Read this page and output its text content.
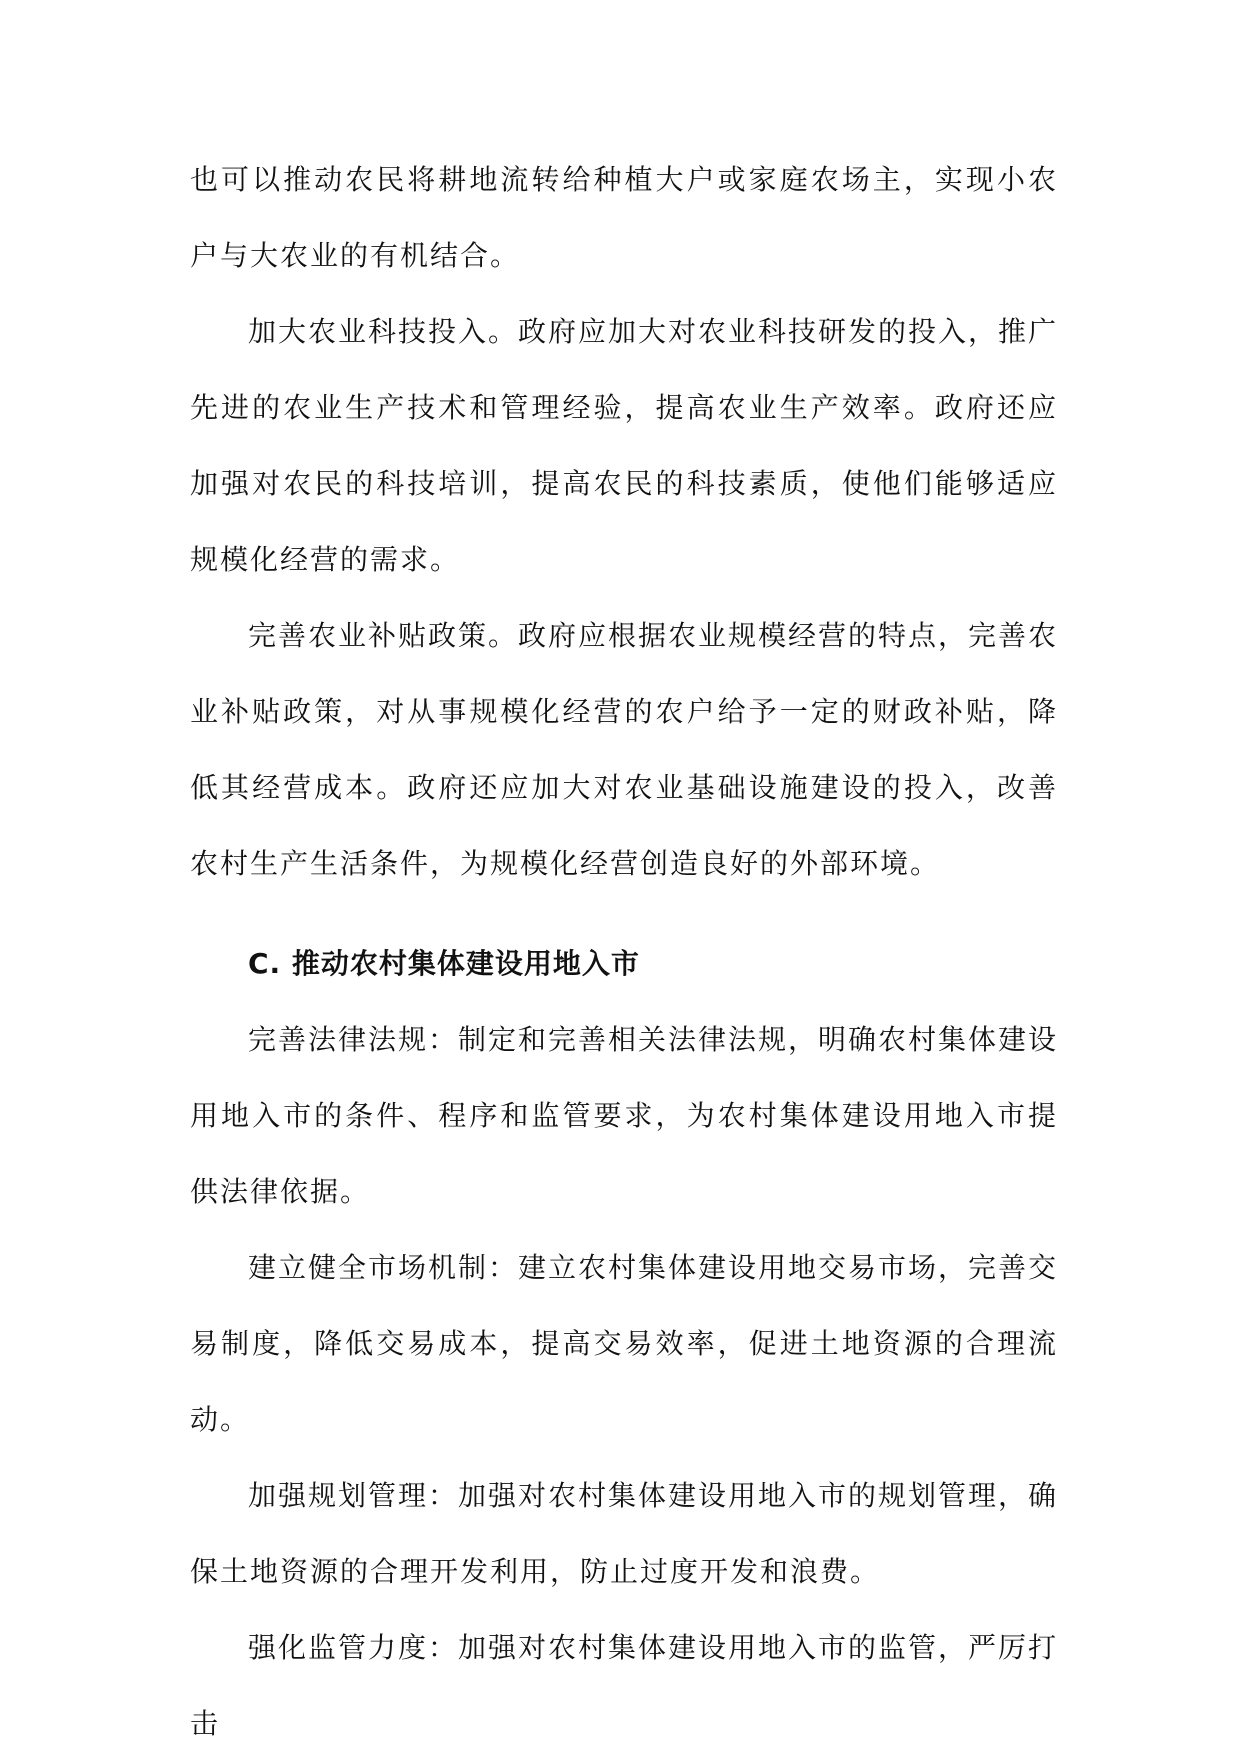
也可以推动农民将耕地流转给种植大户或家庭农场主，实现小农户与大农业的有机结合。

加大农业科技投入。政府应加大对农业科技研发的投入，推广先进的农业生产技术和管理经验，提高农业生产效率。政府还应加强对农民的科技培训，提高农民的科技素质，使他们能够适应规模化经营的需求。

完善农业补贴政策。政府应根据农业规模经营的特点，完善农业补贴政策，对从事规模化经营的农户给予一定的财政补贴，降低其经营成本。政府还应加大对农业基础设施建设的投入，改善农村生产生活条件，为规模化经营创造良好的外部环境。

C. 推动农村集体建设用地入市

完善法律法规：制定和完善相关法律法规，明确农村集体建设用地入市的条件、程序和监管要求，为农村集体建设用地入市提供法律依据。

建立健全市场机制：建立农村集体建设用地交易市场，完善交易制度，降低交易成本，提高交易效率，促进土地资源的合理流动。

加强规划管理：加强对农村集体建设用地入市的规划管理，确保土地资源的合理开发利用，防止过度开发和浪费。

强化监管力度：加强对农村集体建设用地入市的监管，严厉打击
